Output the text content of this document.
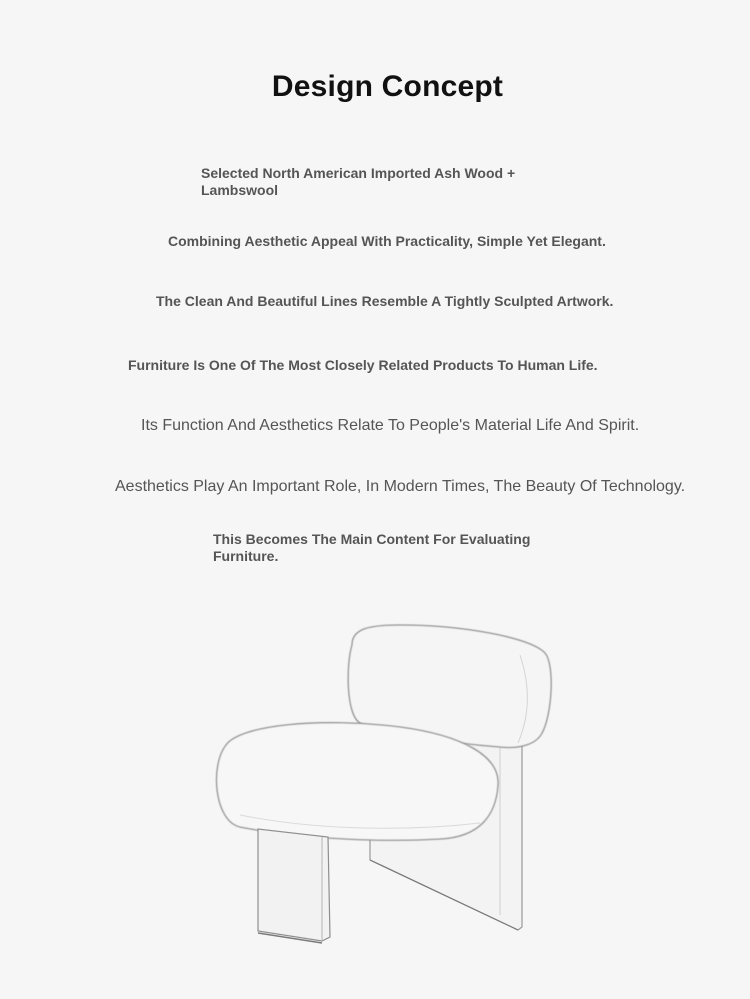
Design Concept
Selected North American Imported Ash Wood + Lambswool
Combining Aesthetic Appeal With Practicality, Simple Yet Elegant.
The Clean And Beautiful Lines Resemble A Tightly Sculpted Artwork.
Furniture Is One Of The Most Closely Related Products To Human Life.
Its Function And Aesthetics Relate To People's Material Life And Spirit.
Aesthetics Play An Important Role, In Modern Times, The Beauty Of Technology.
This Becomes The Main Content For Evaluating Furniture.
